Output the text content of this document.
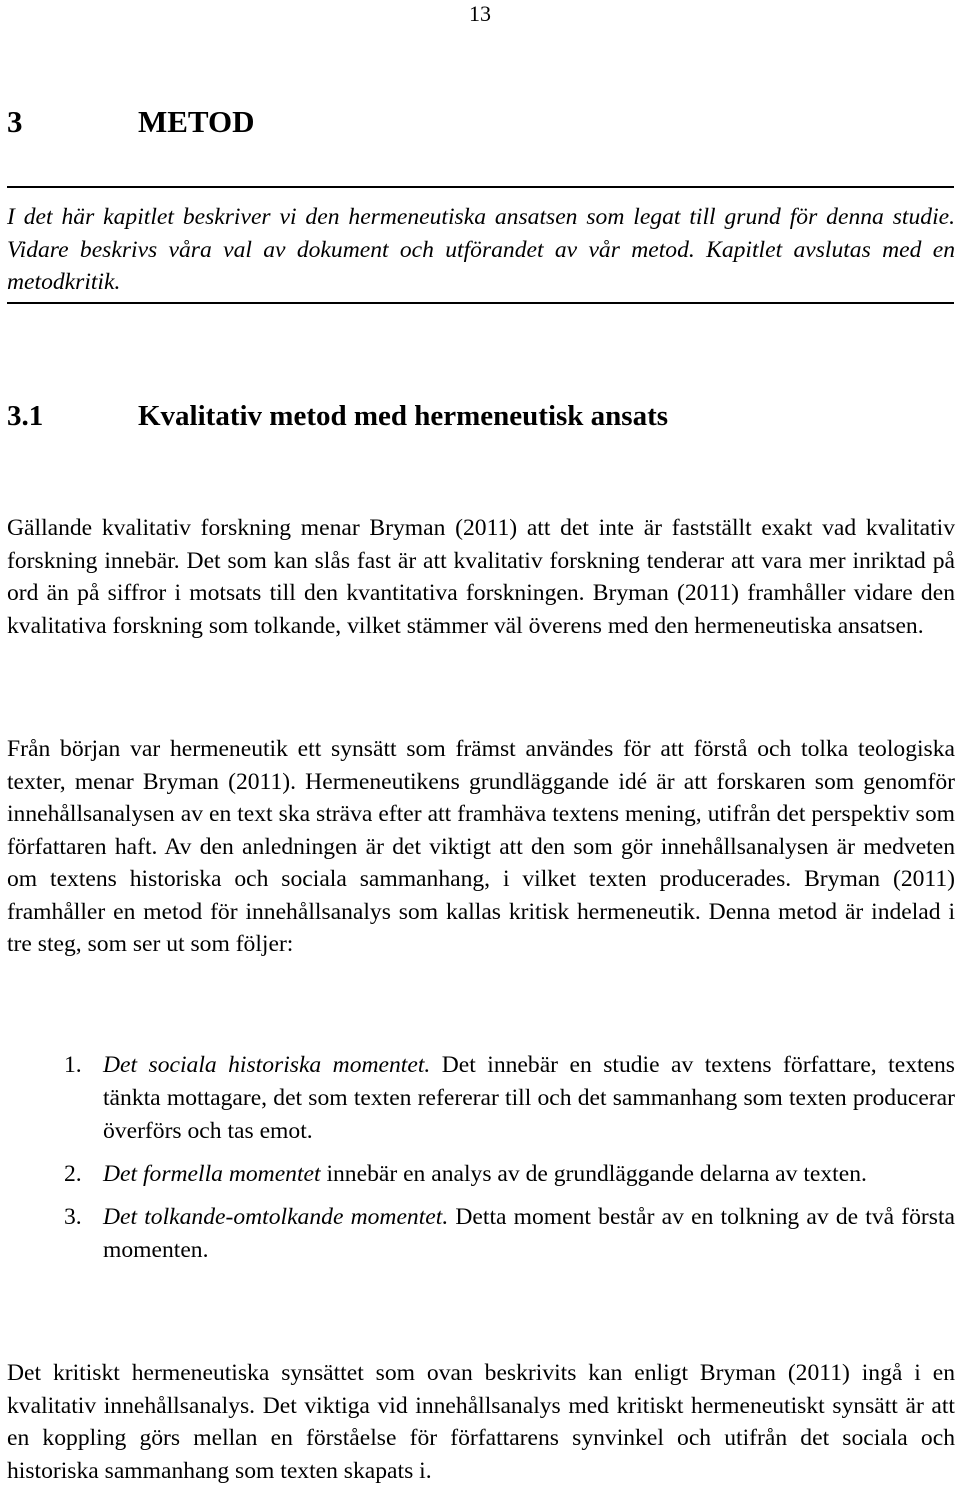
13
3	METOD

I det här kapitlet beskriver vi den hermeneutiska ansatsen som legat till grund för denna studie. Vidare beskrivs våra val av dokument och utförandet av vår metod. Kapitlet avslutas med en metodkritik.

3.1	Kvalitativ metod med hermeneutisk ansats

Gällande kvalitativ forskning menar Bryman (2011) att det inte är fastställt exakt vad kvalitativ forskning innebär. Det som kan slås fast är att kvalitativ forskning tenderar att vara mer inriktad på ord än på siffror i motsats till den kvantitativa forskningen. Bryman (2011) framhåller vidare den kvalitativa forskning som tolkande, vilket stämmer väl överens med den hermeneutiska ansatsen.

Från början var hermeneutik ett synsätt som främst användes för att förstå och tolka teologiska texter, menar Bryman (2011). Hermeneutikens grundläggande idé är att forskaren som genomför innehållsanalysen av en text ska sträva efter att framhäva textens mening, utifrån det perspektiv som författaren haft. Av den anledningen är det viktigt att den som gör innehållsanalysen är medveten om textens historiska och sociala sammanhang, i vilket texten producerades. Bryman (2011) framhåller en metod för innehållsanalys som kallas kritisk hermeneutik. Denna metod är indelad i tre steg, som ser ut som följer:

1. Det sociala historiska momentet. Det innebär en studie av textens författare, textens tänkta mottagare, det som texten refererar till och det sammanhang som texten producerar överförs och tas emot.
2. Det formella momentet innebär en analys av de grundläggande delarna av texten.
3. Det tolkande-omtolkande momentet. Detta moment består av en tolkning av de två första momenten.

Det kritiskt hermeneutiska synsättet som ovan beskrivits kan enligt Bryman (2011) ingå i en kvalitativ innehållsanalys. Det viktiga vid innehållsanalys med kritiskt hermeneutiskt synsätt är att en koppling görs mellan en förståelse för författarens synvinkel och utifrån det sociala och historiska sammanhang som texten skapats i.
